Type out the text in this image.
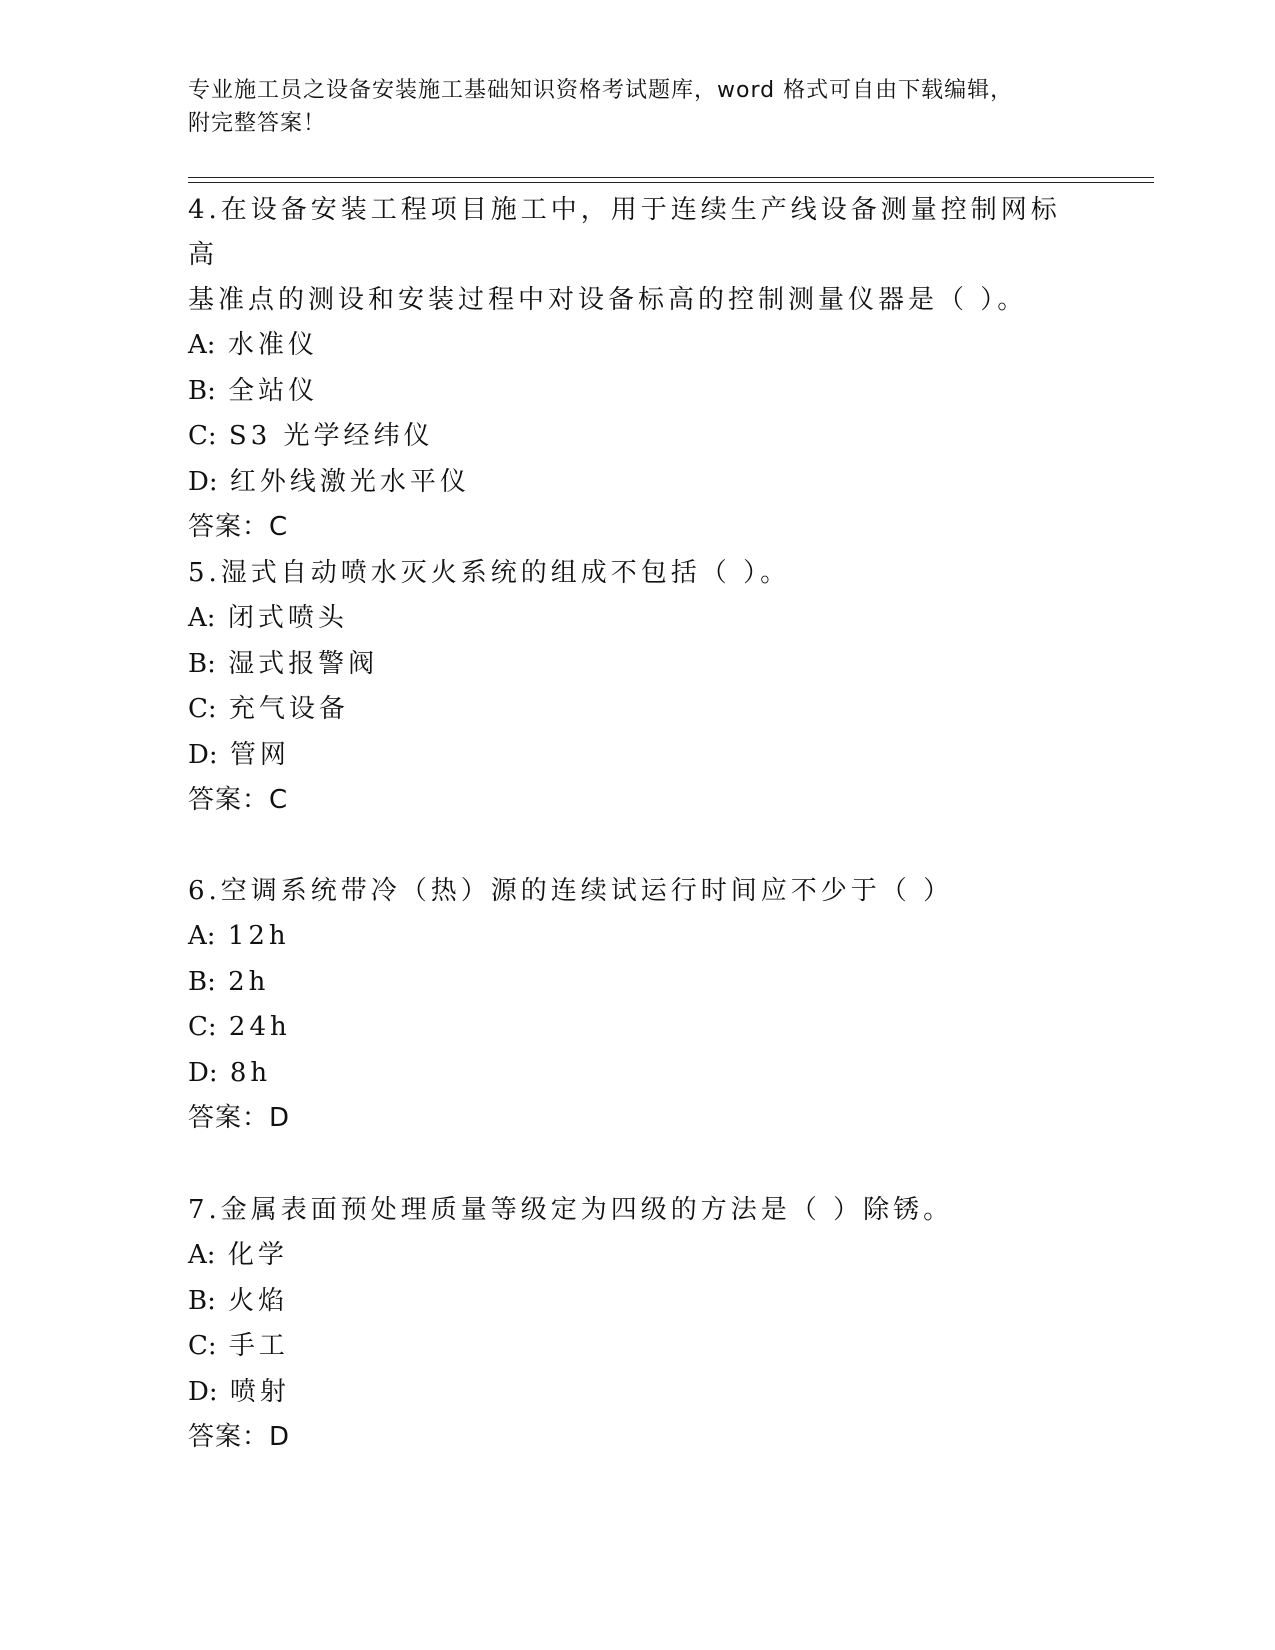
专业施工员之设备安装施工基础知识资格考试题库，word 格式可自由下载编辑，
附完整答案！

4.在设备安装工程项目施工中，用于连续生产线设备测量控制网标高

基准点的测设和安装过程中对设备标高的控制测量仪器是（ ）。

A: 水准仪

B: 全站仪

C: S3 光学经纬仪

D: 红外线激光水平仪

答案：C

5.湿式自动喷水灭火系统的组成不包括（ ）。

A: 闭式喷头

B: 湿式报警阀

C: 充气设备

D: 管网

答案：C

6.空调系统带冷（热）源的连续试运行时间应不少于（ ）

A: 12h

B: 2h

C: 24h

D: 8h

答案：D

7.金属表面预处理质量等级定为四级的方法是（ ）除锈。

A: 化学

B: 火焰

C: 手工

D: 喷射

答案：D
